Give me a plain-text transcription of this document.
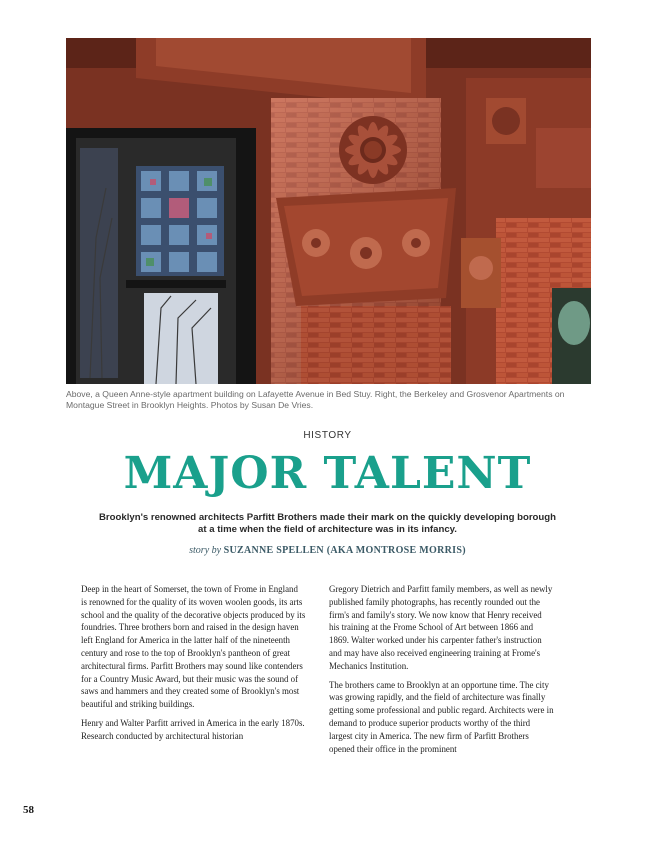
Above, a Queen Anne-style apartment building on Lafayette Avenue in Bed Stuy. Right, the Berkeley and Grosvenor Apartments on Montague Street in Brooklyn Heights. Photos by Susan De Vries.
HISTORY
MAJOR TALENT
Brooklyn's renowned architects Parfitt Brothers made their mark on the quickly developing borough at a time when the field of architecture was in its infancy.
story by SUZANNE SPELLEN (AKA MONTROSE MORRIS)

Deep in the heart of Somerset, the town of Frome in England is renowned for the quality of its woven woolen goods, its arts school and the quality of the decorative objects produced by its foundries. Three brothers born and raised in the design haven left England for America in the latter half of the nineteenth century and rose to the top of Brooklyn's pantheon of great architectural firms. Parfitt Brothers may sound like contenders for a Country Music Award, but their music was the sound of saws and hammers and they created some of Brooklyn's most beautiful and striking buildings.

Henry and Walter Parfitt arrived in America in the early 1870s. Research conducted by architectural historian

Gregory Dietrich and Parfitt family members, as well as newly published family photographs, has recently rounded out the firm's and family's story. We now know that Henry received his training at the Frome School of Art between 1866 and 1869. Walter worked under his carpenter father's instruction and may have also received engineering training at Frome's Mechanics Institution.

The brothers came to Brooklyn at an opportune time. The city was growing rapidly, and the field of architecture was finally getting some professional and public regard. Architects were in demand to produce superior products worthy of the third largest city in America. The new firm of Parfitt Brothers opened their office in the prominent

58
